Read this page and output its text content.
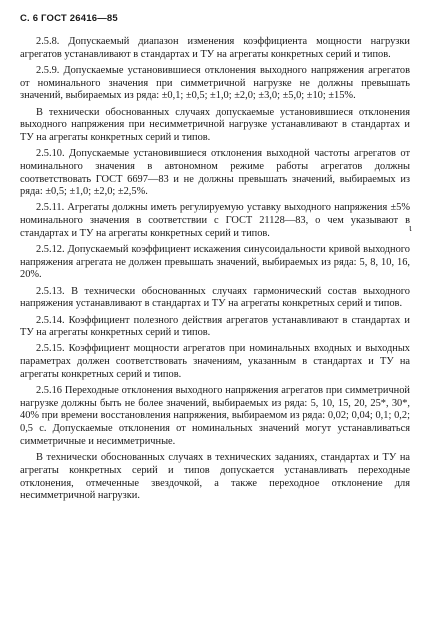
С. 6 ГОСТ 26416—85

2.5.8. Допускаемый диапазон изменения коэффициента мощности нагрузки агрегатов устанавливают в стандартах и ТУ на агрегаты конкретных серий и типов.

2.5.9. Допускаемые установившиеся отклонения выходного напряжения агрегатов от номинального значения при симметричной нагрузке не должны превышать значений, выбираемых из ряда: ±0,1; ±0,5; ±1,0; ±2,0; ±3,0; ±5,0; ±10; ±15%.

В технически обоснованных случаях допускаемые установившиеся отклонения выходного напряжения при несимметричной нагрузке устанавливают в стандартах и ТУ на агрегаты конкретных серий и типов.

2.5.10. Допускаемые установившиеся отклонения выходной частоты агрегатов от номинального значения в автономном режиме работы агрегатов должны соответствовать ГОСТ 6697—83 и не должны превышать значений, выбираемых из ряда: ±0,5; ±1,0; ±2,0; ±2,5%.

2.5.11. Агрегаты должны иметь регулируемую уставку выходного напряжения ±5% номинального значения в соответствии с ГОСТ 21128—83, о чем указывают в стандартах и ТУ на агрегаты конкретных серий и типов.

2.5.12. Допускаемый коэффициент искажения синусоидальности кривой выходного напряжения агрегата не должен превышать значений, выбираемых из ряда: 5, 8, 10, 16, 20%.

2.5.13. В технически обоснованных случаях гармонический состав выходного напряжения устанавливают в стандартах и ТУ на агрегаты конкретных серий и типов.

2.5.14. Коэффициент полезного действия агрегатов устанавливают в стандартах и ТУ на агрегаты конкретных серий и типов.

2.5.15. Коэффициент мощности агрегатов при номинальных входных и выходных параметрах должен соответствовать значениям, указанным в стандартах и ТУ на агрегаты конкретных серий и типов.

2.5.16 Переходные отклонения выходного напряжения агрегатов при симметричной нагрузке должны быть не более значений, выбираемых из ряда: 5, 10, 15, 20, 25*, 30*, 40% при времени восстановления напряжения, выбираемом из ряда: 0,02; 0,04; 0,1; 0,2; 0,5 с. Допускаемые отклонения от номинальных значений могут устанавливаться симметричные и несимметричные.

В технически обоснованных случаях в технических заданиях, стандартах и ТУ на агрегаты конкретных серий и типов допускается устанавливать переходные отклонения, отмеченные звездочкой, а также переходное отклонение для несимметричной нагрузки.

ι
